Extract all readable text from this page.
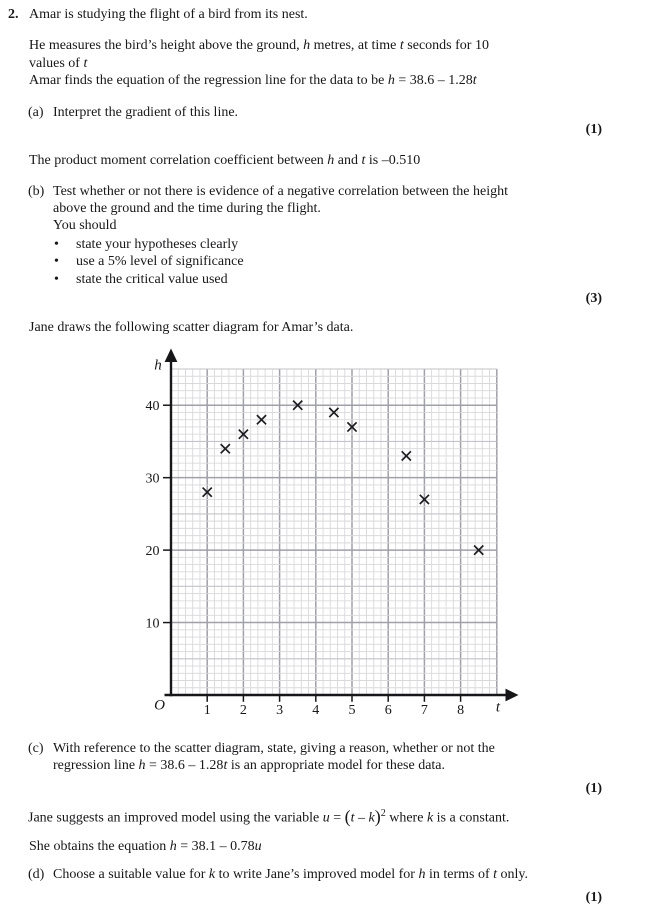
2. Amar is studying the flight of a bird from its nest.
He measures the bird’s height above the ground, h metres, at time t seconds for 10
values of t
Amar finds the equation of the regression line for the data to be h = 38.6 – 1.28t
(a) Interpret the gradient of this line.
(1)
The product moment correlation coefficient between h and t is –0.510
(b) Test whether or not there is evidence of a negative correlation between the height
above the ground and the time during the flight.
You should
• state your hypotheses clearly
• use a 5% level of significance
• state the critical value used
(3)
Jane draws the following scatter diagram for Amar’s data.
10
20
30
40
1 2 3 4 5 6 7 8
h
t
O
(c) With reference to the scatter diagram, state, giving a reason, whether or not the
regression line h = 38.6 – 1.28t is an appropriate model for these data.
(1)
Jane suggests an improved model using the variable u = (t – k)$^2$ where k is a constant.
She obtains the equation h = 38.1 – 0.78u
(d) Choose a suitable value for k to write Jane’s improved model for h in terms of t only.
(1)
